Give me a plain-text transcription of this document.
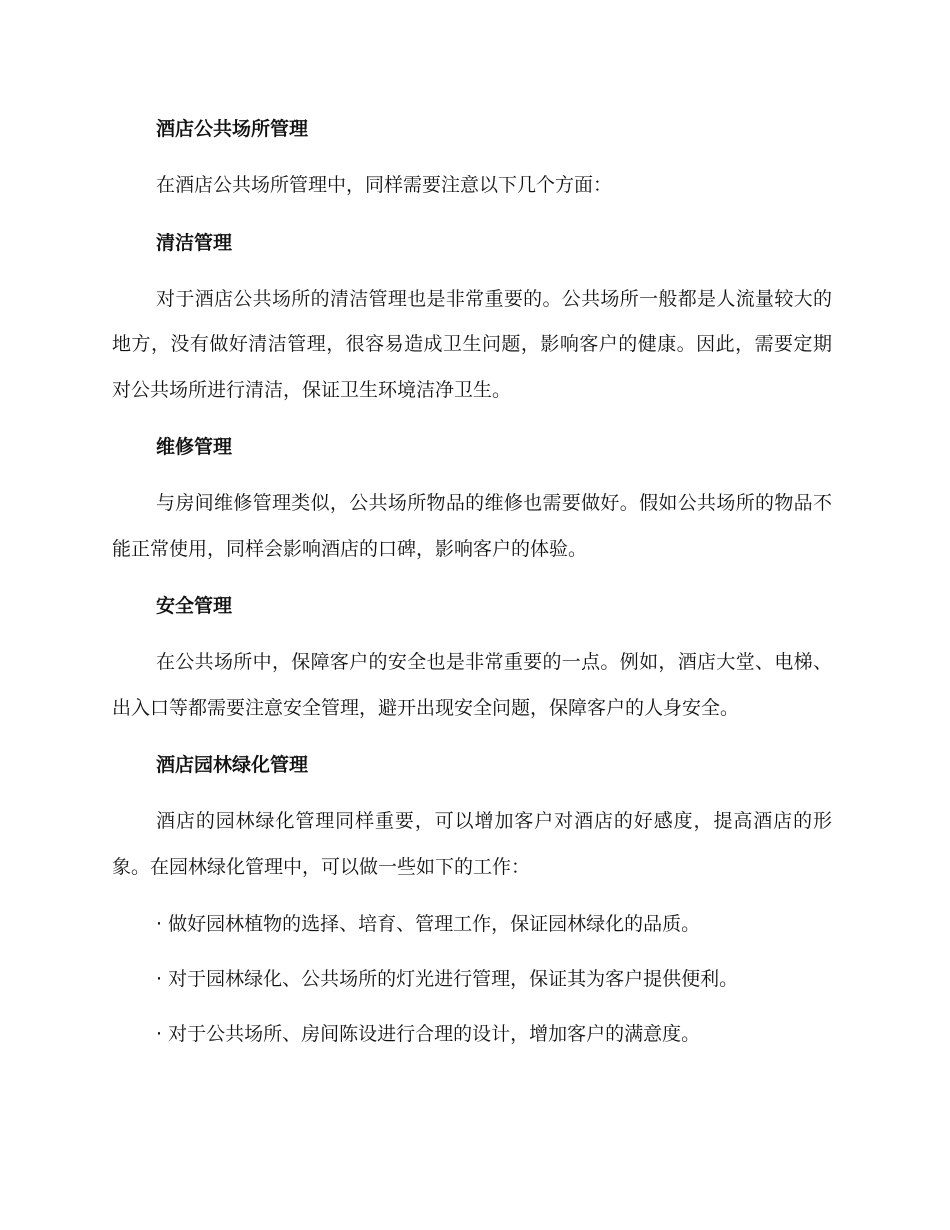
酒店公共场所管理

在酒店公共场所管理中，同样需要注意以下几个方面：

清洁管理

对于酒店公共场所的清洁管理也是非常重要的。公共场所一般都是人流量较大的地方，没有做好清洁管理，很容易造成卫生问题，影响客户的健康。因此，需要定期对公共场所进行清洁，保证卫生环境洁净卫生。

维修管理

与房间维修管理类似，公共场所物品的维修也需要做好。假如公共场所的物品不能正常使用，同样会影响酒店的口碑，影响客户的体验。

安全管理

在公共场所中，保障客户的安全也是非常重要的一点。例如，酒店大堂、电梯、出入口等都需要注意安全管理，避开出现安全问题，保障客户的人身安全。

酒店园林绿化管理

酒店的园林绿化管理同样重要，可以增加客户对酒店的好感度，提高酒店的形象。在园林绿化管理中，可以做一些如下的工作：

· 做好园林植物的选择、培育、管理工作，保证园林绿化的品质。
· 对于园林绿化、公共场所的灯光进行管理，保证其为客户提供便利。
· 对于公共场所、房间陈设进行合理的设计，增加客户的满意度。
